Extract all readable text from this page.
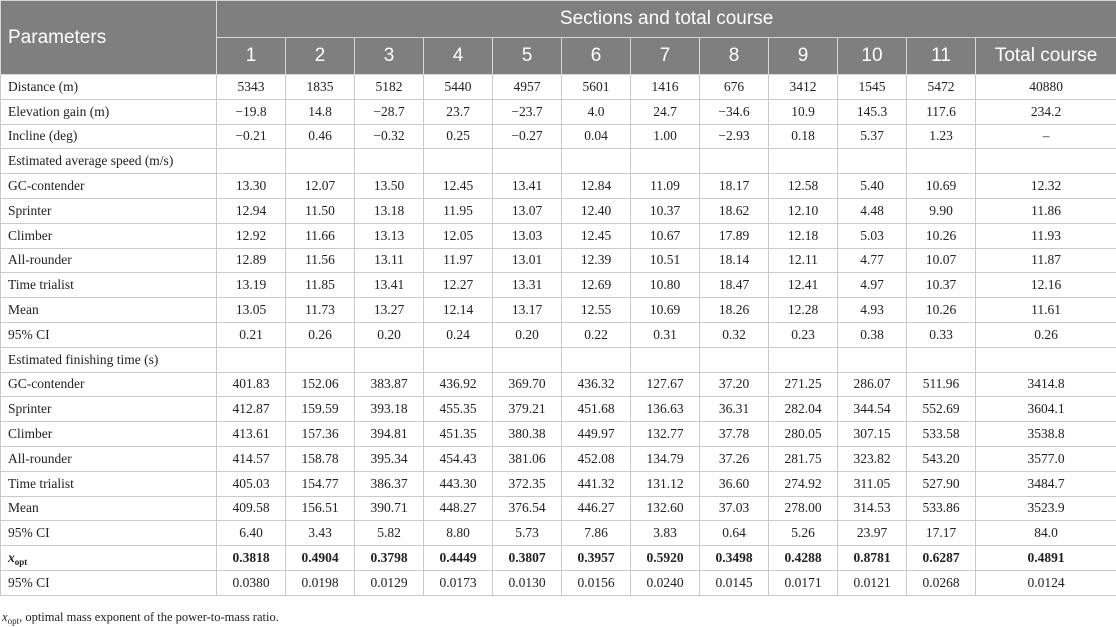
Parameters	Sections and total course											
	1	2	3	4	5	6	7	8	9	10	11	Total course
Distance (m)	5343	1835	5182	5440	4957	5601	1416	676	3412	1545	5472	40880
Elevation gain (m)	−19.8	14.8	−28.7	23.7	−23.7	4.0	24.7	−34.6	10.9	145.3	117.6	234.2
Incline (deg)	−0.21	0.46	−0.32	0.25	−0.27	0.04	1.00	−2.93	0.18	5.37	1.23	–
Estimated average speed (m/s)												
GC-contender	13.30	12.07	13.50	12.45	13.41	12.84	11.09	18.17	12.58	5.40	10.69	12.32
Sprinter	12.94	11.50	13.18	11.95	13.07	12.40	10.37	18.62	12.10	4.48	9.90	11.86
Climber	12.92	11.66	13.13	12.05	13.03	12.45	10.67	17.89	12.18	5.03	10.26	11.93
All-rounder	12.89	11.56	13.11	11.97	13.01	12.39	10.51	18.14	12.11	4.77	10.07	11.87
Time trialist	13.19	11.85	13.41	12.27	13.31	12.69	10.80	18.47	12.41	4.97	10.37	12.16
Mean	13.05	11.73	13.27	12.14	13.17	12.55	10.69	18.26	12.28	4.93	10.26	11.61
95% CI	0.21	0.26	0.20	0.24	0.20	0.22	0.31	0.32	0.23	0.38	0.33	0.26
Estimated finishing time (s)												
GC-contender	401.83	152.06	383.87	436.92	369.70	436.32	127.67	37.20	271.25	286.07	511.96	3414.8
Sprinter	412.87	159.59	393.18	455.35	379.21	451.68	136.63	36.31	282.04	344.54	552.69	3604.1
Climber	413.61	157.36	394.81	451.35	380.38	449.97	132.77	37.78	280.05	307.15	533.58	3538.8
All-rounder	414.57	158.78	395.34	454.43	381.06	452.08	134.79	37.26	281.75	323.82	543.20	3577.0
Time trialist	405.03	154.77	386.37	443.30	372.35	441.32	131.12	36.60	274.92	311.05	527.90	3484.7
Mean	409.58	156.51	390.71	448.27	376.54	446.27	132.60	37.03	278.00	314.53	533.86	3523.9
95% CI	6.40	3.43	5.82	8.80	5.73	7.86	3.83	0.64	5.26	23.97	17.17	84.0
$x_{opt}$	0.3818	0.4904	0.3798	0.4449	0.3807	0.3957	0.5920	0.3498	0.4288	0.8781	0.6287	0.4891
95% CI	0.0380	0.0198	0.0129	0.0173	0.0130	0.0156	0.0240	0.0145	0.0171	0.0121	0.0268	0.0124
$x_{opt}$, optimal mass exponent of the power-to-mass ratio.
